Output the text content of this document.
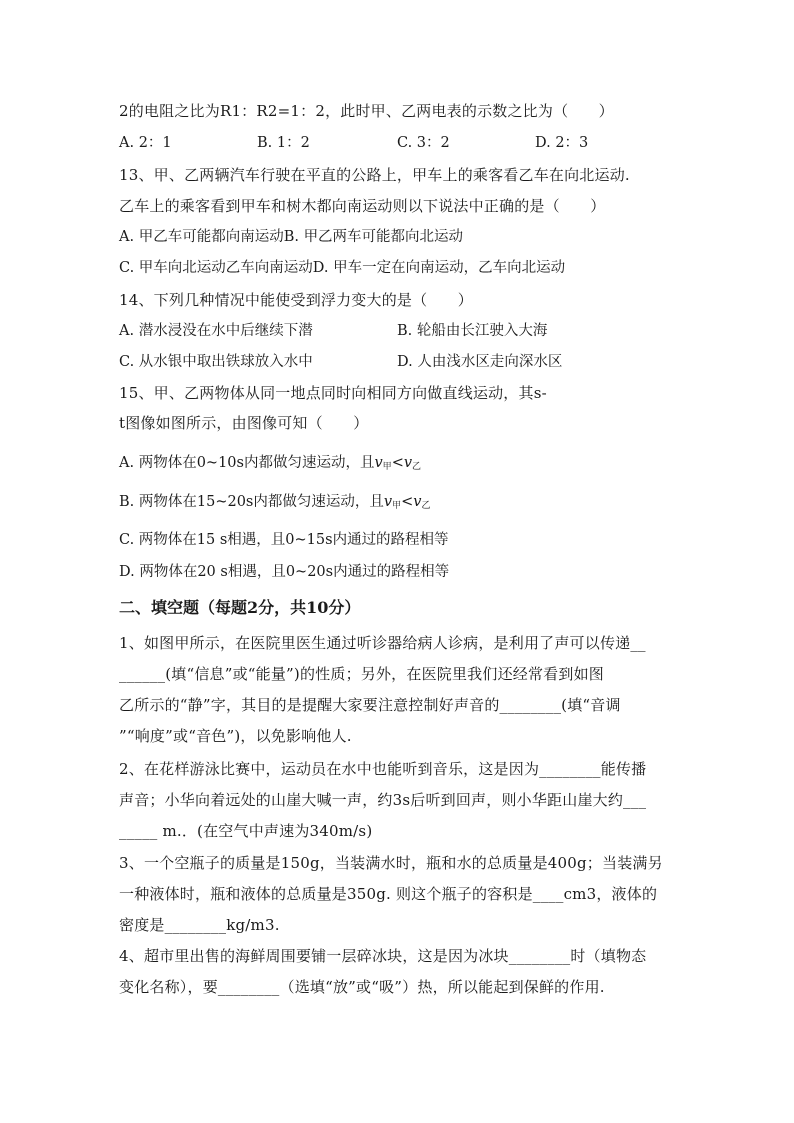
2的电阻之比为R1：R2=1：2，此时甲、乙两电表的示数之比为（　　）
A. 2：1	B. 1：2	C. 3：2	D. 2：3
13、甲、乙两辆汽车行驶在平直的公路上，甲车上的乘客看乙车在向北运动.
乙车上的乘客看到甲车和树木都向南运动则以下说法中正确的是（　　）
A. 甲乙车可能都向南运动B. 甲乙两车可能都向北运动
C. 甲车向北运动乙车向南运动D. 甲车一定在向南运动，乙车向北运动
14、下列几种情况中能使受到浮力变大的是（　　）
A. 潜水浸没在水中后继续下潜	B. 轮船由长江驶入大海
C. 从水银中取出铁球放入水中	D. 人由浅水区走向深水区
15、甲、乙两物体从同一地点同时向相同方向做直线运动，其s-
t图像如图所示，由图像可知（　　）
A. 两物体在0~10s内都做匀速运动，且$v_甲<v_乙$
B. 两物体在15~20s内都做匀速运动，且$v_甲<v_乙$
C. 两物体在15 s相遇，且0~15s内通过的路程相等
D. 两物体在20 s相遇，且0~20s内通过的路程相等
二、填空题（每题2分，共10分）
1、如图甲所示，在医院里医生通过听诊器给病人诊病，是利用了声可以传递__
______(填“信息”或“能量”)的性质；另外，在医院里我们还经常看到如图
乙所示的“静”字，其目的是提醒大家要注意控制好声音的________(填“音调
”“响度”或“音色”)，以免影响他人.
2、在花样游泳比赛中，运动员在水中也能听到音乐，这是因为________能传播
声音；小华向着远处的山崖大喊一声，约3s后听到回声，则小华距山崖大约___
_____ m.．(在空气中声速为340m/s)
3、一个空瓶子的质量是150g，当装满水时，瓶和水的总质量是400g；当装满另
一种液体时，瓶和液体的总质量是350g. 则这个瓶子的容积是____cm3，液体的
密度是________kg/m3.
4、超市里出售的海鲜周围要铺一层碎冰块，这是因为冰块________时（填物态
变化名称），要________（选填“放”或“吸”）热，所以能起到保鲜的作用.
